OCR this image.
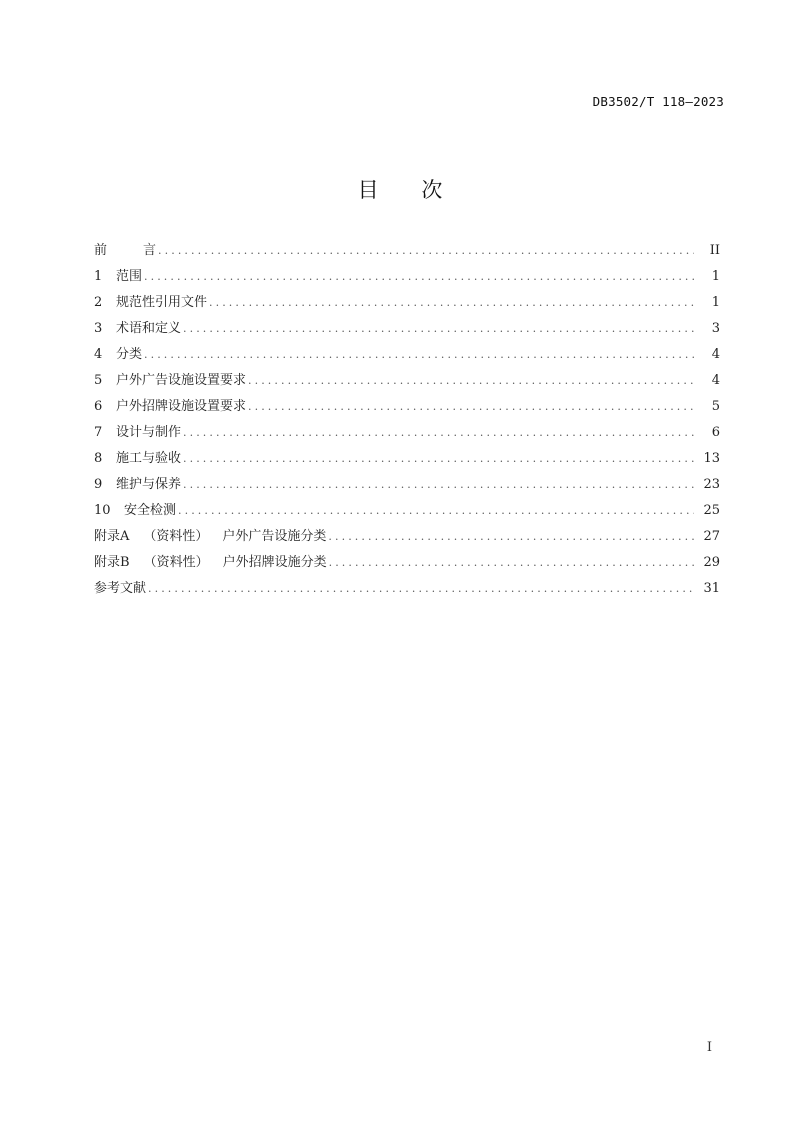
DB3502/T 118—2023
目 次
前	言 .....	II
1 范围 .....	1
2 规范性引用文件 .....	1
3 术语和定义 .....	3
4 分类 .....	4
5 户外广告设施设置要求 .....	4
6 户外招牌设施设置要求 .....	5
7 设计与制作 .....	6
8 施工与验收 .....	13
9 维护与保养 .....	23
10 安全检测 .....	25
附录A （资料性） 户外广告设施分类 .....	27
附录B （资料性） 户外招牌设施分类 .....	29
参考文献 .....	31
I
